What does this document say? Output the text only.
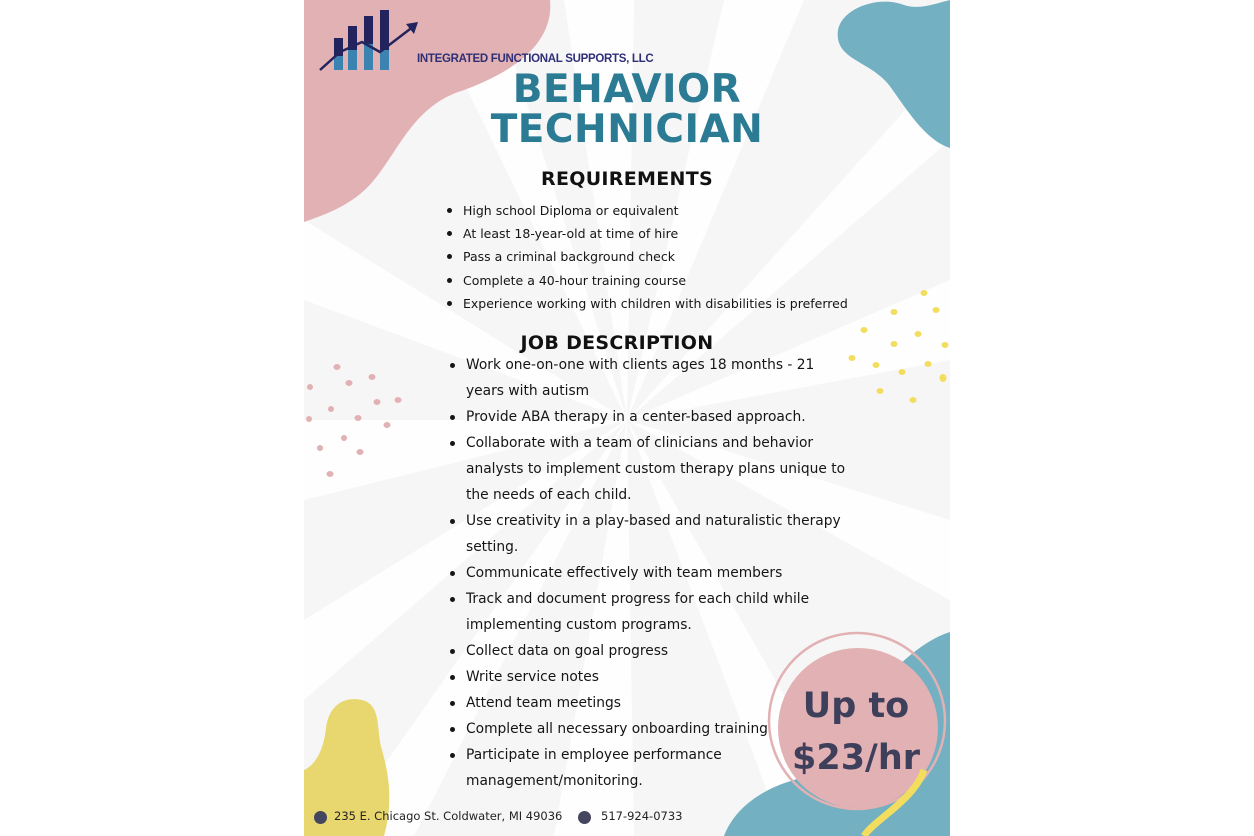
INTEGRATED FUNCTIONAL SUPPORTS, LLC
BEHAVIOR

TECHNICIAN
REQUIREMENTS
High school Diploma or equivalent
At least 18-year-old at time of hire
Pass a criminal background check
Complete a 40-hour training course
Experience working with children with disabilities is preferred
JOB DESCRIPTION
Work one-on-one with clients ages 18 months - 21 years with autism
Provide ABA therapy in a center-based approach.
Collaborate with a team of clinicians and behavior analysts to implement custom therapy plans unique to the needs of each child.
Use creativity in a play-based and naturalistic therapy setting.
Communicate effectively with team members
Track and document progress for each child while implementing custom programs.
Collect data on goal progress
Write service notes
Attend team meetings
Complete all necessary onboarding training
Participate in employee performance management/monitoring.
Up to
$23/hr
235 E. Chicago St. Coldwater, MI 49036	517-924-0733
